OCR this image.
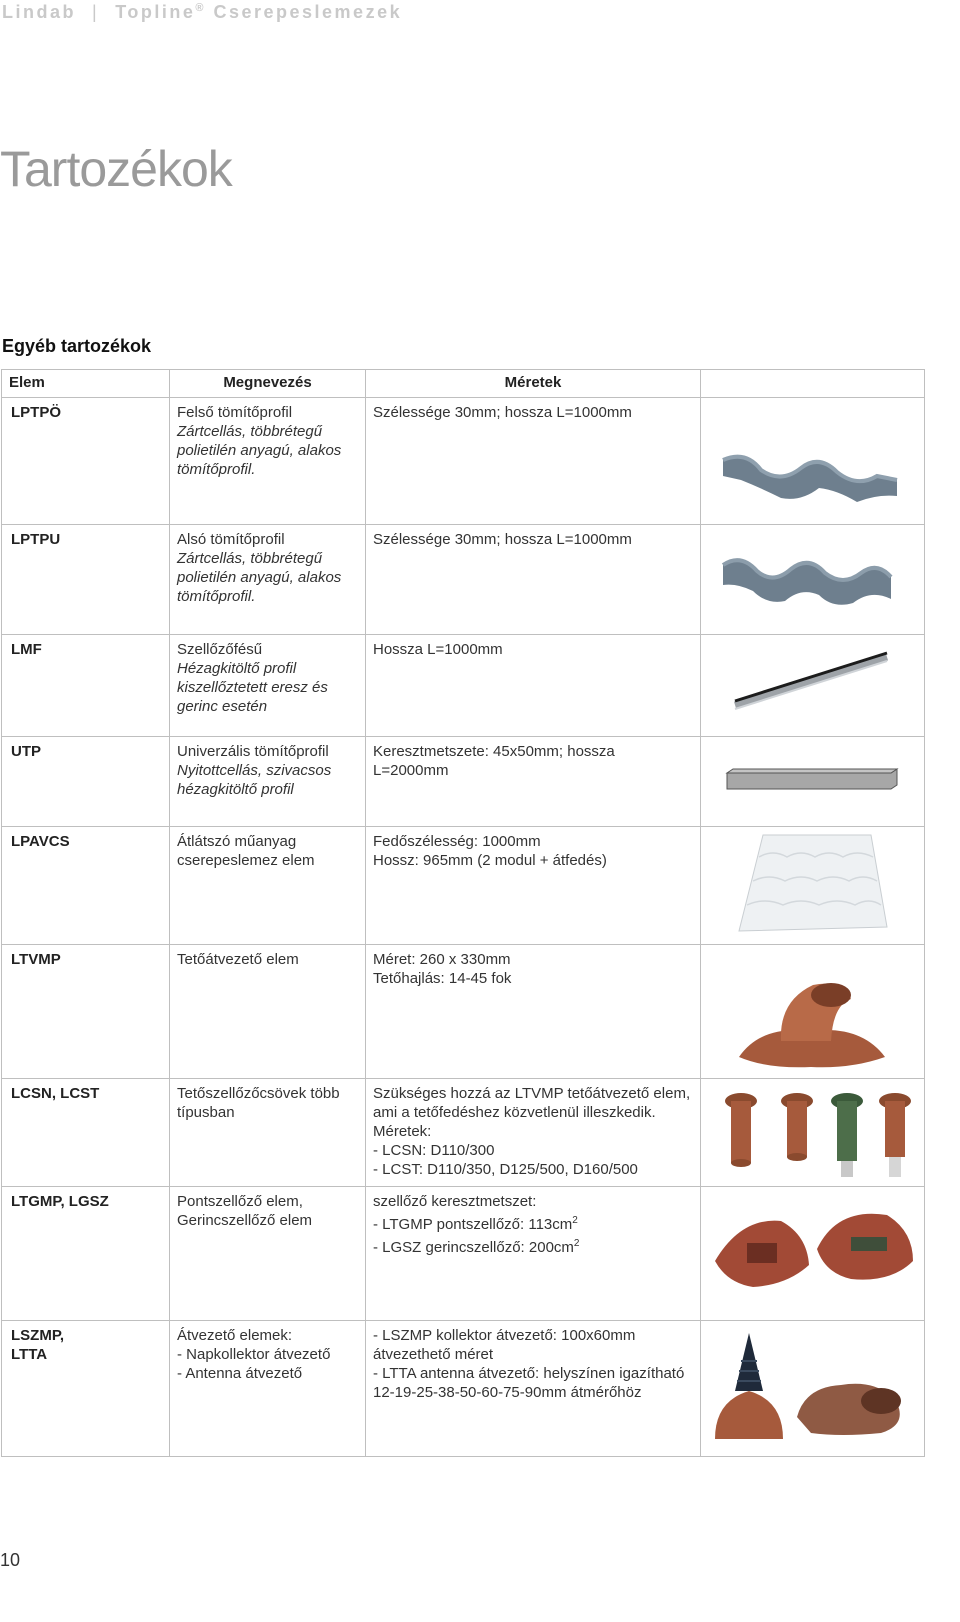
Lindab | Topline® Cserepeslemezek
Tartozékok
Egyéb tartozékok
Elem	Megnevezés	Méretek	
LPTPÖ	Felső tömítőprofil
Zártcellás, többrétegű
polietilén anyagú, alakos
tömítőprofil.	Szélessége 30mm; hossza L=1000mm

LPTPU	Alsó tömítőprofil
Zártcellás, többrétegű
polietilén anyagú, alakos
tömítőprofil.	Szélessége 30mm; hossza L=1000mm

LMF	Szellőzőfésű
Hézagkitöltő profil
kiszellőztetett eresz és
gerinc esetén	Hossza L=1000mm

UTP	Univerzális tömítőprofil
Nyitottcellás, szivacsos
hézagkitöltő profil	Keresztmetszete: 45x50mm; hossza
L=2000mm

LPAVCS	Átlátszó műanyag
cserepeslemez elem	Fedőszélesség: 1000mm
Hossz: 965mm (2 modul + átfedés)

LTVMP	Tetőátvezető elem	Méret: 260 x 330mm
Tetőhajlás: 14-45 fok

LCSN, LCST	Tetőszellőzőcsövek több
típusban	Szükséges hozzá az LTVMP tetőátvezető elem,
ami a tetőfedéshez közvetlenül illeszkedik.
Méretek:
- LCSN: D110/300
- LCST: D110/350, D125/500, D160/500

LTGMP, LGSZ	Pontszellőző elem,
Gerincszellőző elem	szellőző keresztmetszet:
- LTGMP pontszellőző: $113cm^2$
- LGSZ gerincszellőző: $200cm^2$

LSZMP,
LTTA	Átvezető elemek:
- Napkollektor átvezető
- Antenna átvezető	- LSZMP kollektor átvezető: 100x60mm
átvezethető méret
- LTTA antenna átvezető: helyszínen igazítható
12-19-25-38-50-60-75-90mm átmérőhöz

10
